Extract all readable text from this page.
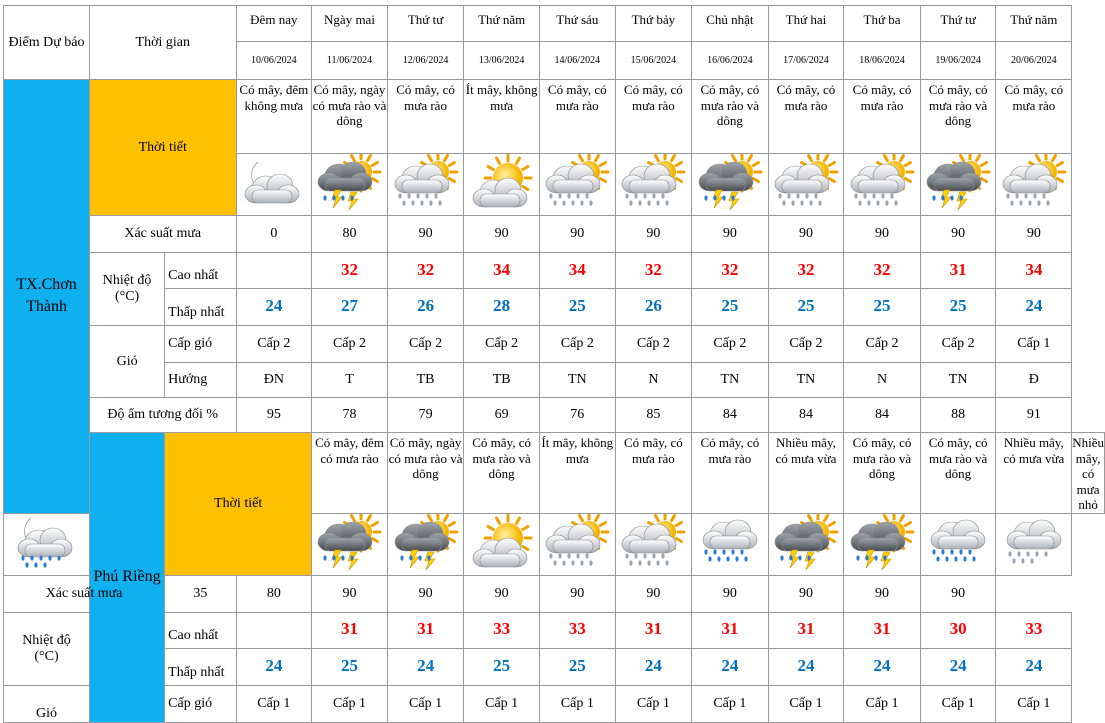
Điểm Dự báo	Thời gian		Đêm nay	Ngày mai	Thứ tư	Thứ năm	Thứ sáu	Thứ bảy	Chủ nhật	Thứ hai	Thứ ba	Thứ tư	Thứ năm	
			10/06/2024	11/06/2024	12/06/2024	13/06/2024	14/06/2024	15/06/2024	16/06/2024	17/06/2024	18/06/2024	19/06/2024	20/06/2024	
TX.Chơn Thành	Thời tiết		Có mây, đêm không mưa	Có mây, ngày có mưa rào và dông	Có mây, có mưa rào	Ít mây, không mưa	Có mây, có mưa rào	Có mây, có mưa rào	Có mây, có mưa rào và dông	Có mây, có mưa rào	Có mây, có mưa rào	Có mây, có mưa rào và dông	Có mây, có mưa rào	

	Xác suất mưa		0	80	90	90	90	90	90	90	90	90	90	
	Nhiệt độ (°C)	Cao nhất		32	32	34	34	32	32	32	32	31	34	
		Thấp nhất	24	27	26	28	25	26	25	25	25	25	24	
	Gió	Cấp gió	Cấp 2	Cấp 2	Cấp 2	Cấp 2	Cấp 2	Cấp 2	Cấp 2	Cấp 2	Cấp 2	Cấp 2	Cấp 1	
		Hướng	ĐN	T	TB	TB	TN	N	TN	TN	N	TN	Đ	
	Độ ẩm tương đối %		95	78	79	69	76	85	84	84	84	88	91	
	Phú Riềng	Thời tiết		Có mây, đêm có mưa rào	Có mây, ngày có mưa rào và dông	Có mây, có mưa rào và dông	Ít mây, không mưa	Có mây, có mưa rào	Có mây, có mưa rào	Nhiều mây, có mưa vừa	Có mây, có mưa rào và dông	Có mây, có mưa rào và dông	Nhiều mây, có mưa vừa	Nhiều mây, có mưa nhỏ

Xác suất mưa		35	80	90	90	90	90	90	90	90	90	90		
Nhiệt độ (°C)		Cao nhất		31	31	33	33	31	31	31	31	30	33	
		Thấp nhất	24	25	24	25	25	24	24	24	24	24	24	
Gió		Cấp gió	Cấp 1	Cấp 1	Cấp 1	Cấp 1	Cấp 1	Cấp 1	Cấp 1	Cấp 1	Cấp 1	Cấp 1	Cấp 1	
